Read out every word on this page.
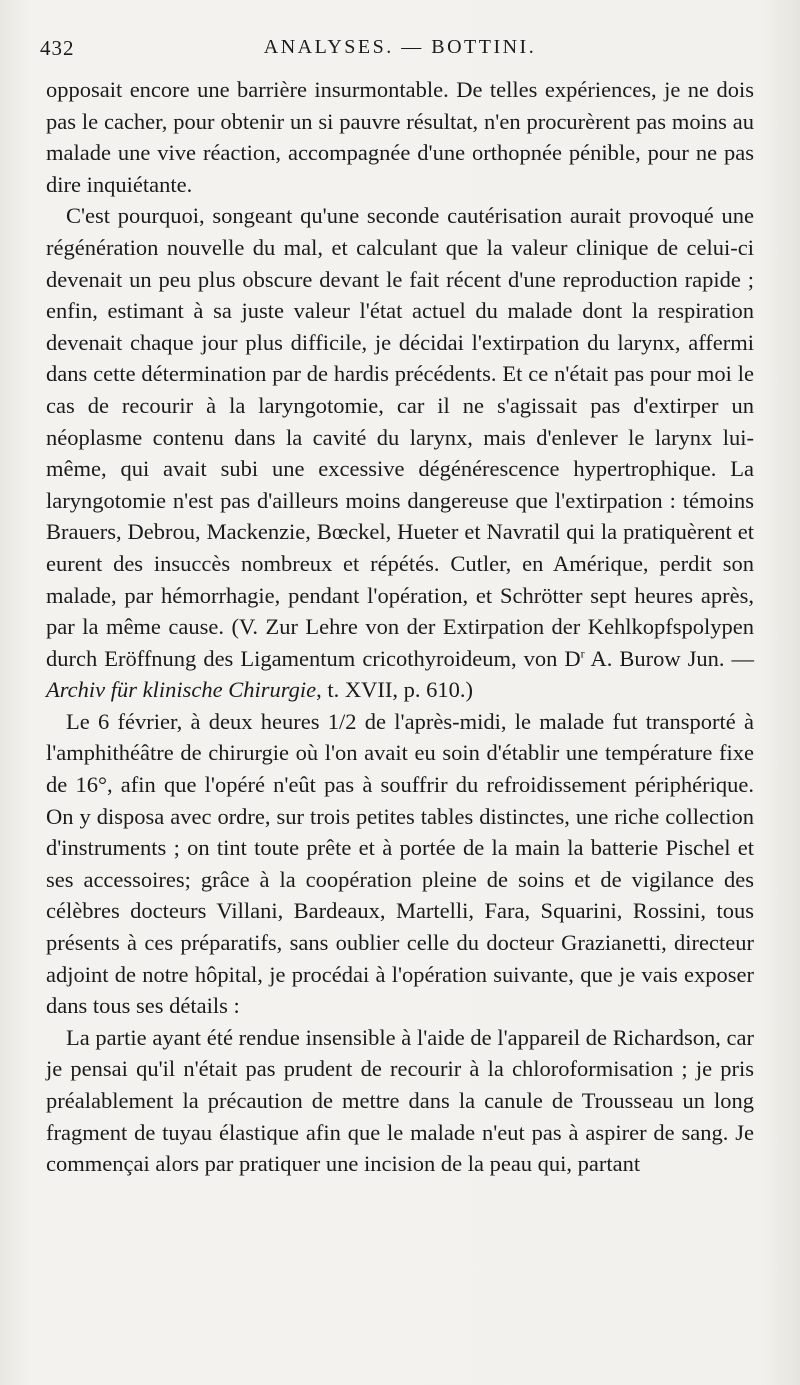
432	ANALYSES. — BOTTINI.

opposait encore une barrière insurmontable. De telles expériences, je ne dois pas le cacher, pour obtenir un si pauvre résultat, n'en procurèrent pas moins au malade une vive réaction, accompagnée d'une orthopnée pénible, pour ne pas dire inquiétante.

C'est pourquoi, songeant qu'une seconde cautérisation aurait provoqué une régénération nouvelle du mal, et calculant que la valeur clinique de celui-ci devenait un peu plus obscure devant le fait récent d'une reproduction rapide ; enfin, estimant à sa juste valeur l'état actuel du malade dont la respiration devenait chaque jour plus difficile, je décidai l'extirpation du larynx, affermi dans cette détermination par de hardis précédents. Et ce n'était pas pour moi le cas de recourir à la laryngotomie, car il ne s'agissait pas d'extirper un néoplasme contenu dans la cavité du larynx, mais d'enlever le larynx lui-même, qui avait subi une excessive dégénérescence hypertrophique. La laryngotomie n'est pas d'ailleurs moins dangereuse que l'extirpation : témoins Brauers, Debrou, Mackenzie, Bœckel, Hueter et Navratil qui la pratiquèrent et eurent des insuccès nombreux et répétés. Cutler, en Amérique, perdit son malade, par hémorrhagie, pendant l'opération, et Schrötter sept heures après, par la même cause. (V. Zur Lehre von der Extirpation der Kehlkopfspolypen durch Eröffnung des Ligamentum cricothyroideum, von $D^r$ A. Burow Jun. — Archiv für klinische Chirurgie, t. XVII, p. 610.)

Le 6 février, à deux heures 1/2 de l'après-midi, le malade fut transporté à l'amphithéâtre de chirurgie où l'on avait eu soin d'établir une température fixe de 16°, afin que l'opéré n'eût pas à souffrir du refroidissement périphérique. On y disposa avec ordre, sur trois petites tables distinctes, une riche collection d'instruments ; on tint toute prête et à portée de la main la batterie Pischel et ses accessoires; grâce à la coopération pleine de soins et de vigilance des célèbres docteurs Villani, Bardeaux, Martelli, Fara, Squarini, Rossini, tous présents à ces préparatifs, sans oublier celle du docteur Grazianetti, directeur adjoint de notre hôpital, je procédai à l'opération suivante, que je vais exposer dans tous ses détails :

La partie ayant été rendue insensible à l'aide de l'appareil de Richardson, car je pensai qu'il n'était pas prudent de recourir à la chloroformisation ; je pris préalablement la précaution de mettre dans la canule de Trousseau un long fragment de tuyau élastique afin que le malade n'eut pas à aspirer de sang. Je commençai alors par pratiquer une incision de la peau qui, partant
